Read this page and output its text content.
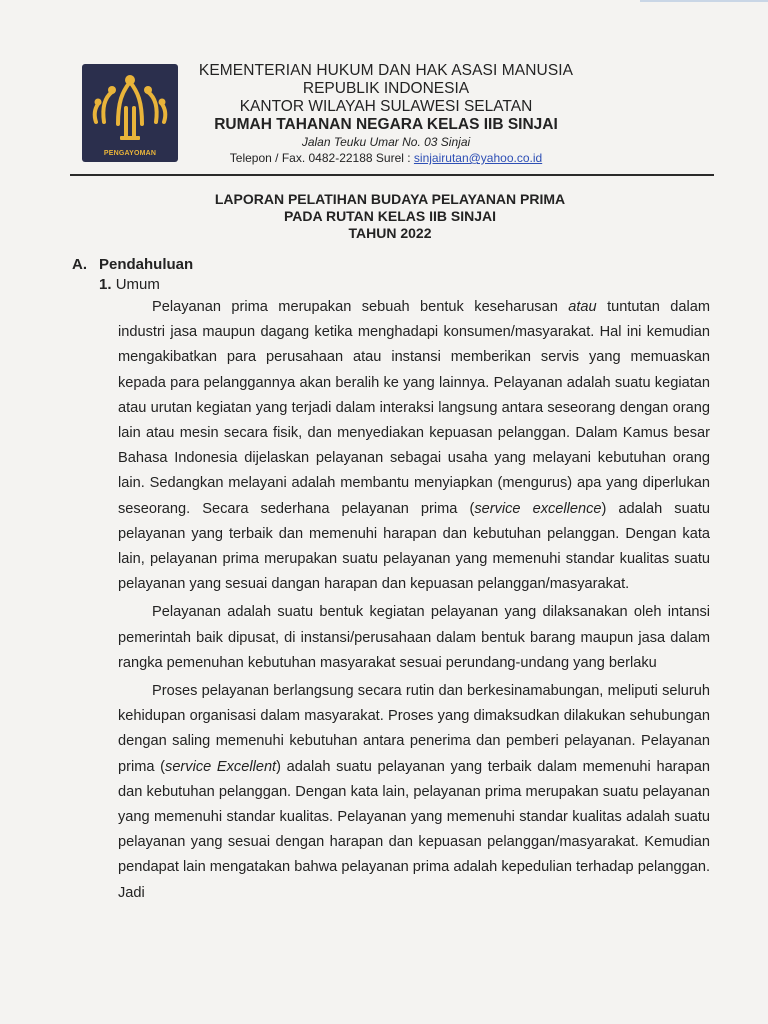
PENGAYOMAN
KEMENTERIAN HUKUM DAN HAK ASASI MANUSIA
REPUBLIK INDONESIA
KANTOR WILAYAH SULAWESI SELATAN
RUMAH TAHANAN NEGARA KELAS IIB SINJAI
Jalan Teuku Umar No. 03 Sinjai
Telepon / Fax. 0482-22188 Surel : sinjairutan@yahoo.co.id
LAPORAN PELATIHAN BUDAYA PELAYANAN PRIMA
PADA RUTAN KELAS IIB SINJAI
TAHUN 2022
A. Pendahuluan
1. Umum

Pelayanan prima merupakan sebuah bentuk keseharusan atau tuntutan dalam industri jasa maupun dagang ketika menghadapi konsumen/masyarakat. Hal ini kemudian mengakibatkan para perusahaan atau instansi memberikan servis yang memuaskan kepada para pelanggannya akan beralih ke yang lainnya. Pelayanan adalah suatu kegiatan atau urutan kegiatan yang terjadi dalam interaksi langsung antara seseorang dengan orang lain atau mesin secara fisik, dan menyediakan kepuasan pelanggan. Dalam Kamus besar Bahasa Indonesia dijelaskan pelayanan sebagai usaha yang melayani kebutuhan orang lain. Sedangkan melayani adalah membantu menyiapkan (mengurus) apa yang diperlukan seseorang. Secara sederhana pelayanan prima (service excellence) adalah suatu pelayanan yang terbaik dan memenuhi harapan dan kebutuhan pelanggan. Dengan kata lain, pelayanan prima merupakan suatu pelayanan yang memenuhi standar kualitas suatu pelayanan yang sesuai dangan harapan dan kepuasan pelanggan/masyarakat.

Pelayanan adalah suatu bentuk kegiatan pelayanan yang dilaksanakan oleh intansi pemerintah baik dipusat, di instansi/perusahaan dalam bentuk barang maupun jasa dalam rangka pemenuhan kebutuhan masyarakat sesuai perundang-undang yang berlaku

Proses pelayanan berlangsung secara rutin dan berkesinamabungan, meliputi seluruh kehidupan organisasi dalam masyarakat. Proses yang dimaksudkan dilakukan sehubungan dengan saling memenuhi kebutuhan antara penerima dan pemberi pelayanan. Pelayanan prima (service Excellent) adalah suatu pelayanan yang terbaik dalam memenuhi harapan dan kebutuhan pelanggan. Dengan kata lain, pelayanan prima merupakan suatu pelayanan yang memenuhi standar kualitas. Pelayanan yang memenuhi standar kualitas adalah suatu pelayanan yang sesuai dengan harapan dan kepuasan pelanggan/masyarakat. Kemudian pendapat lain mengatakan bahwa pelayanan prima adalah kepedulian terhadap pelanggan. Jadi
